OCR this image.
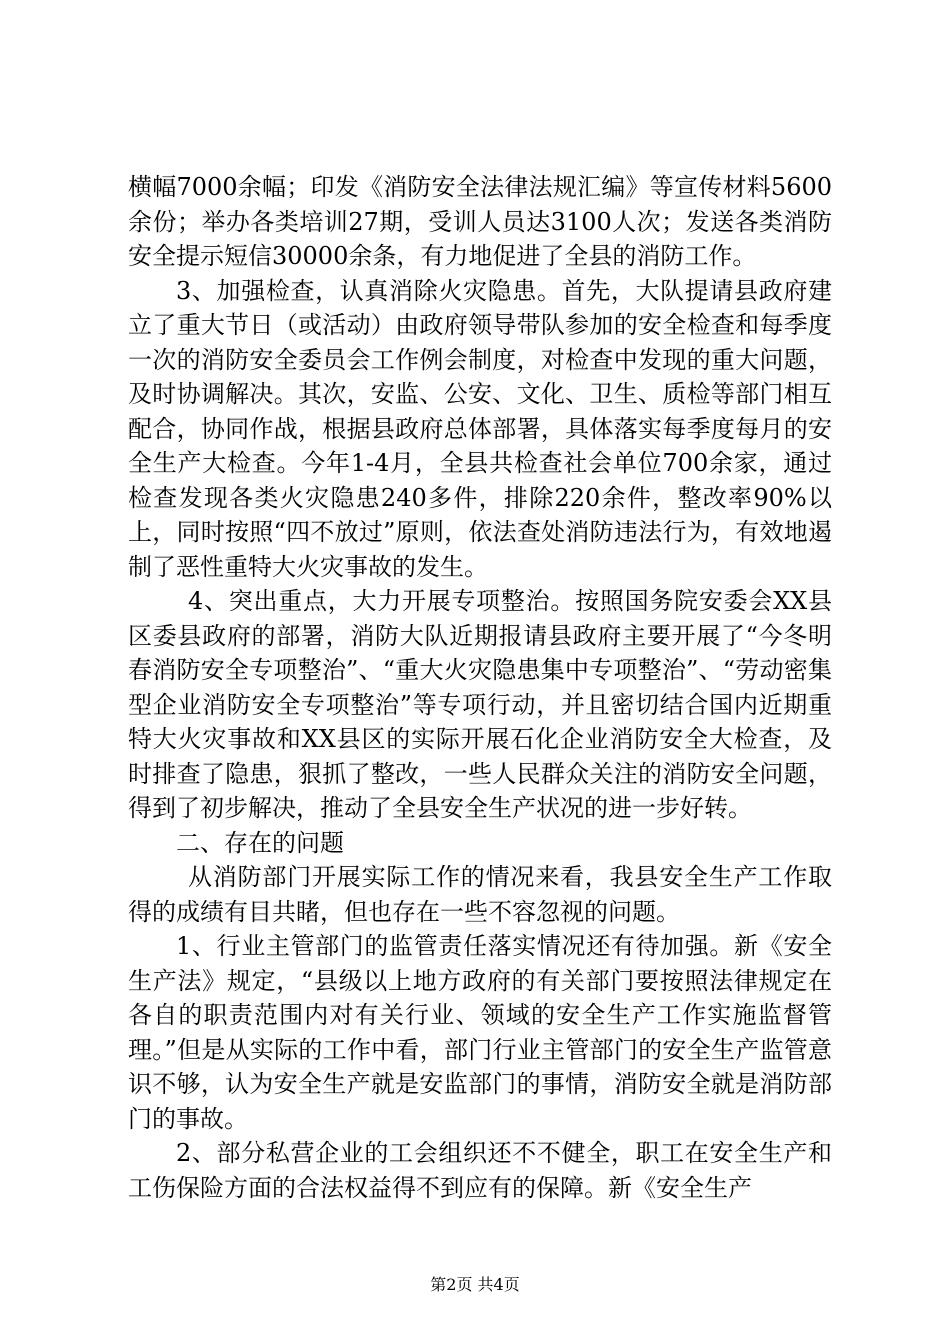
横幅7000余幅；印发《消防安全法律法规汇编》等宣传材料5600余份；举办各类培训27期，受训人员达3100人次；发送各类消防安全提示短信30000余条，有力地促进了全县的消防工作。

3、加强检查，认真消除火灾隐患。首先，大队提请县政府建立了重大节日（或活动）由政府领导带队参加的安全检查和每季度一次的消防安全委员会工作例会制度，对检查中发现的重大问题，及时协调解决。其次，安监、公安、文化、卫生、质检等部门相互配合，协同作战，根据县政府总体部署，具体落实每季度每月的安全生产大检查。今年1-4月，全县共检查社会单位700余家，通过检查发现各类火灾隐患240多件，排除220余件，整改率90%以上，同时按照“四不放过”原则，依法查处消防违法行为，有效地遏制了恶性重特大火灾事故的发生。

4、突出重点，大力开展专项整治。按照国务院安委会XX县区委县政府的部署，消防大队近期报请县政府主要开展了“今冬明春消防安全专项整治”、“重大火灾隐患集中专项整治”、“劳动密集型企业消防安全专项整治”等专项行动，并且密切结合国内近期重特大火灾事故和XX县区的实际开展石化企业消防安全大检查，及时排查了隐患，狠抓了整改，一些人民群众关注的消防安全问题，得到了初步解决，推动了全县安全生产状况的进一步好转。

二、存在的问题

从消防部门开展实际工作的情况来看，我县安全生产工作取得的成绩有目共睹，但也存在一些不容忽视的问题。

1、行业主管部门的监管责任落实情况还有待加强。新《安全生产法》规定，“县级以上地方政府的有关部门要按照法律规定在各自的职责范围内对有关行业、领域的安全生产工作实施监督管理。”但是从实际的工作中看，部门行业主管部门的安全生产监管意识不够，认为安全生产就是安监部门的事情，消防安全就是消防部门的事故。

2、部分私营企业的工会组织还不不健全，职工在安全生产和工伤保险方面的合法权益得不到应有的保障。新《安全生产

第2页 共4页
